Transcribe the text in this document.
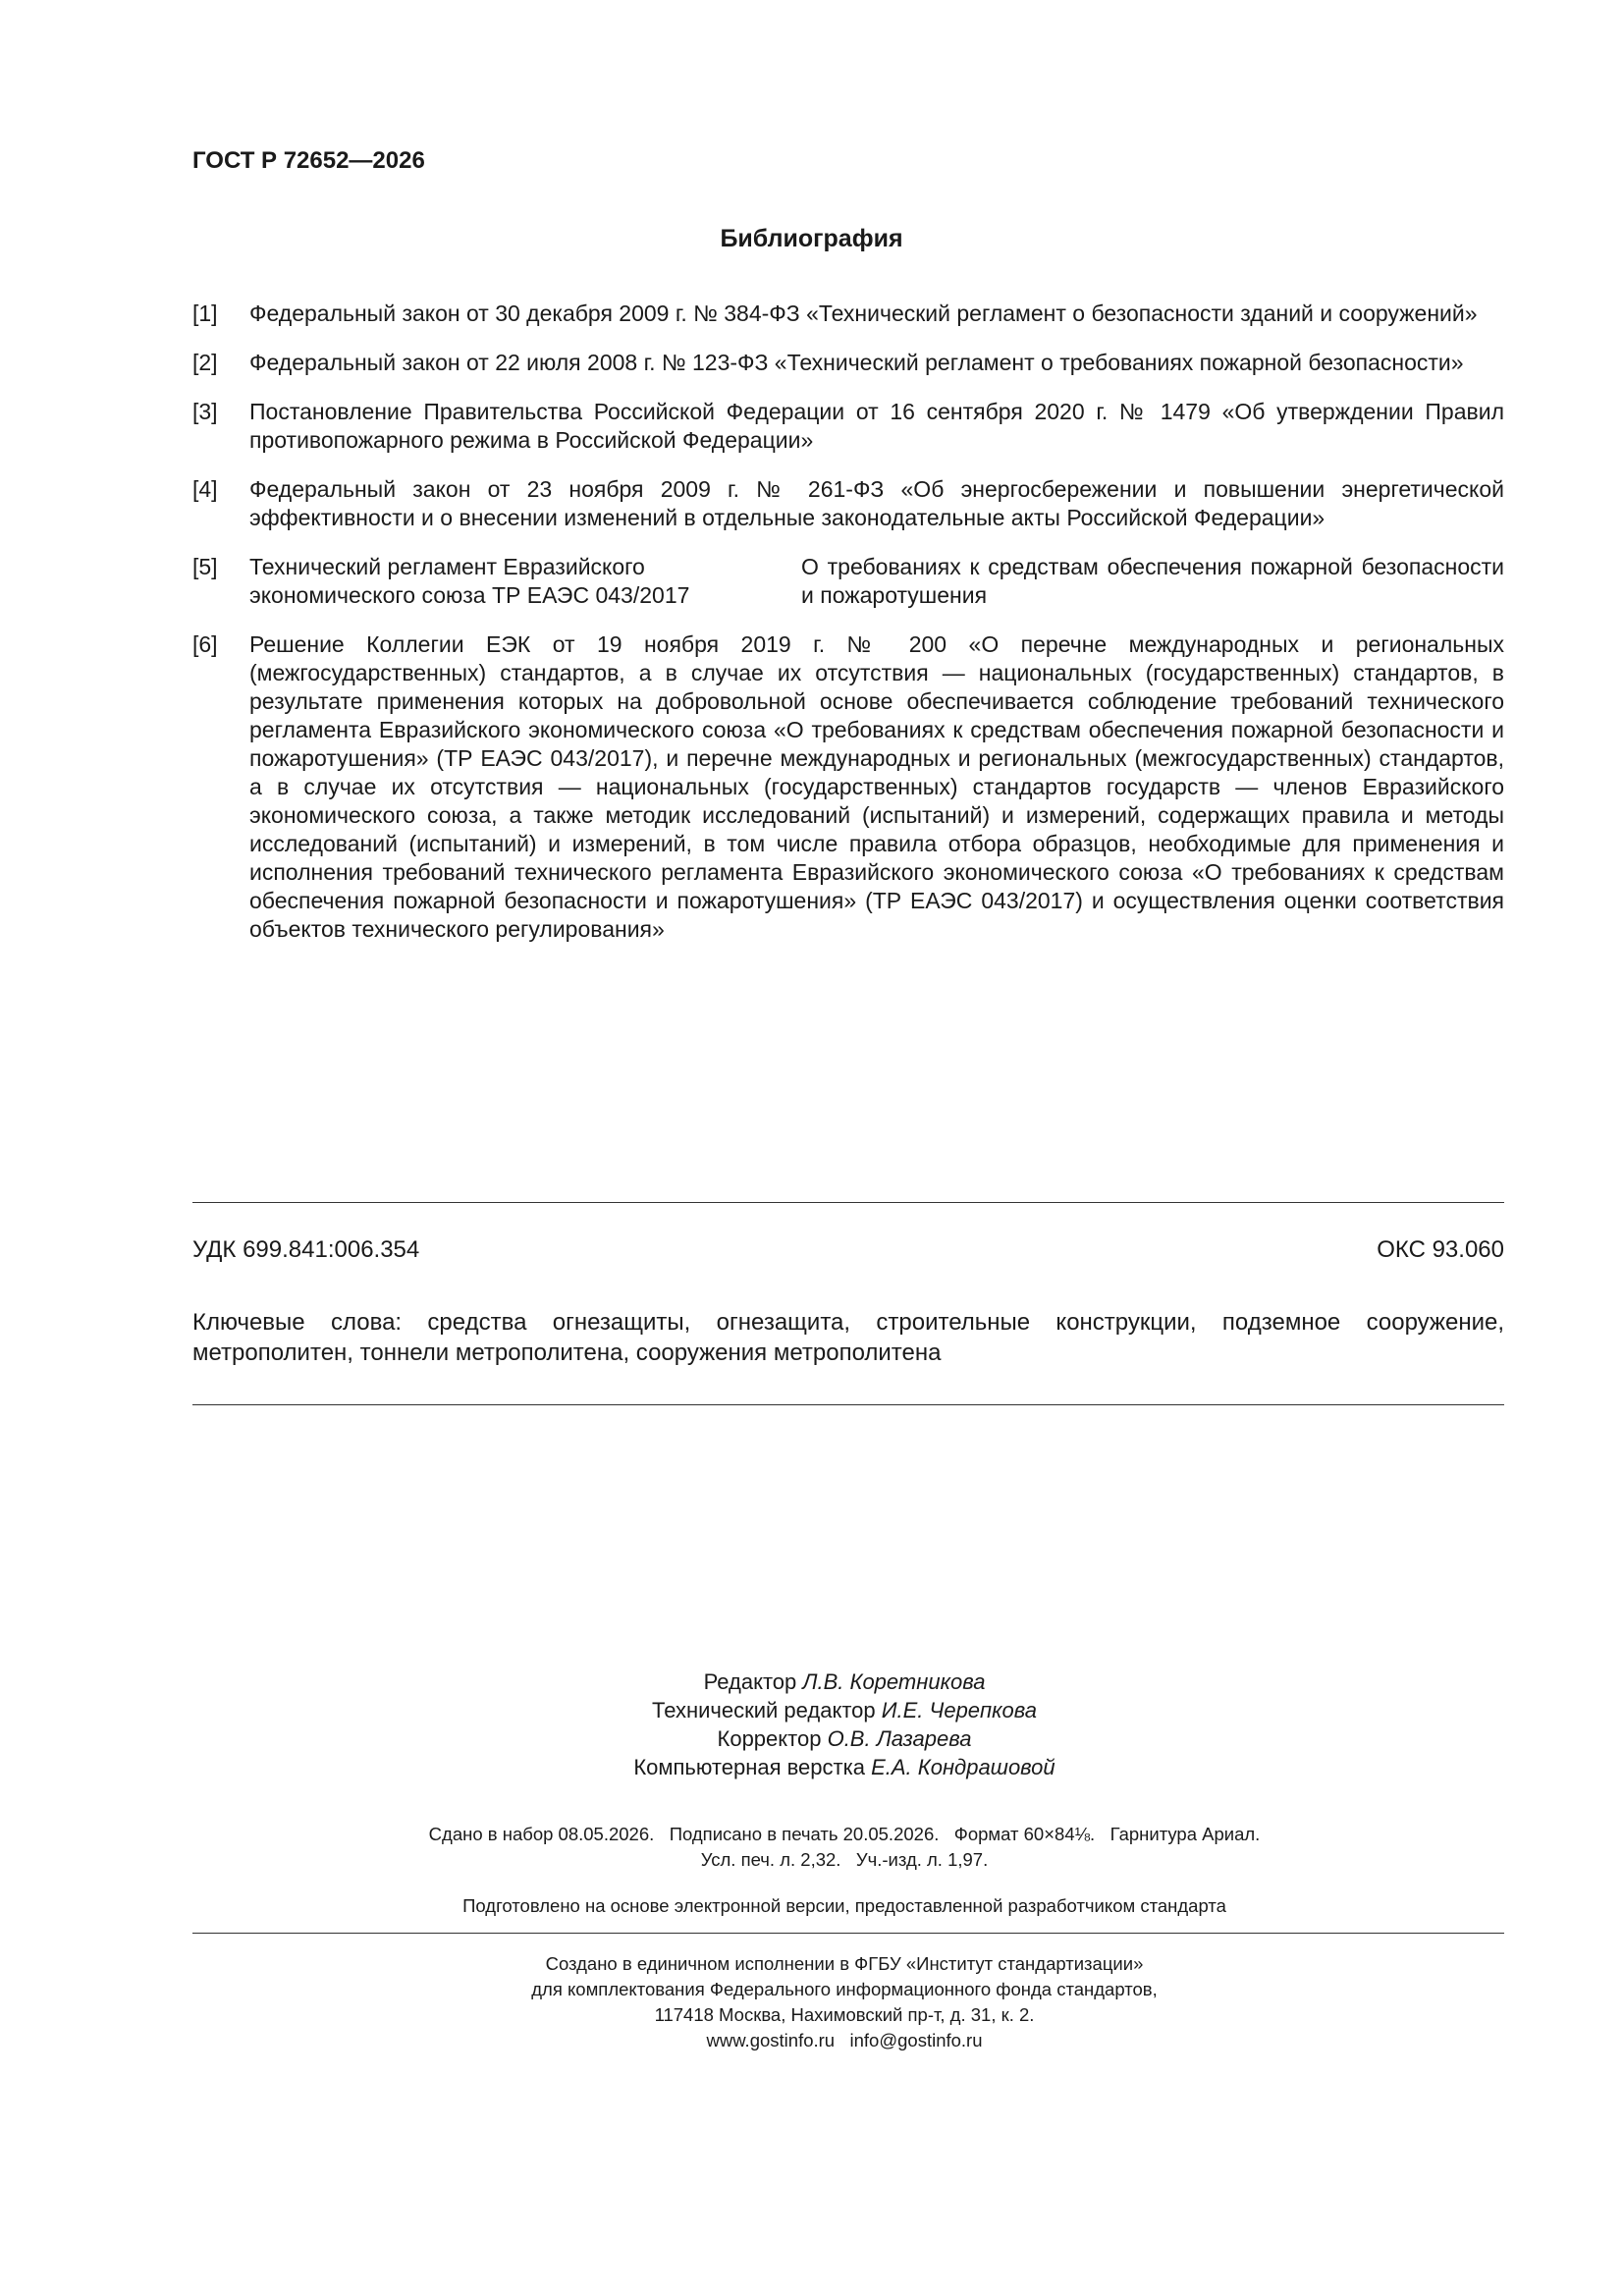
ГОСТ Р 72652—2026
Библиография
[1] Федеральный закон от 30 декабря 2009 г. № 384-ФЗ «Технический регламент о безопасности зданий и сооружений»
[2] Федеральный закон от 22 июля 2008 г. № 123-ФЗ «Технический регламент о требованиях пожарной безопасности»
[3] Постановление Правительства Российской Федерации от 16 сентября 2020 г. № 1479 «Об утверждении Правил противопожарного режима в Российской Федерации»
[4] Федеральный закон от 23 ноября 2009 г. № 261-ФЗ «Об энергосбережении и повышении энергетической эффективности и о внесении изменений в отдельные законодательные акты Российской Федерации»
[5] Технический регламент Евразийского экономического союза ТР ЕАЭС 043/2017
О требованиях к средствам обеспечения пожарной безопасности и пожаротушения
[6] Решение Коллегии ЕЭК от 19 ноября 2019 г. № 200 «О перечне международных и региональных (межгосударственных) стандартов, а в случае их отсутствия — национальных (государственных) стандартов, в результате применения которых на добровольной основе обеспечивается соблюдение требований технического регламента Евразийского экономического союза «О требованиях к средствам обеспечения пожарной безопасности и пожаротушения» (ТР ЕАЭС 043/2017), и перечне международных и региональных (межгосударственных) стандартов, а в случае их отсутствия — национальных (государственных) стандартов государств — членов Евразийского экономического союза, а также методик исследований (испытаний) и измерений, содержащих правила и методы исследований (испытаний) и измерений, в том числе правила отбора образцов, необходимые для применения и исполнения требований технического регламента Евразийского экономического союза «О требованиях к средствам обеспечения пожарной безопасности и пожаротушения» (ТР ЕАЭС 043/2017) и осуществления оценки соответствия объектов технического регулирования»
УДК 699.841:006.354	ОКС 93.060
Ключевые слова: средства огнезащиты, огнезащита, строительные конструкции, подземное сооружение, метрополитен, тоннели метрополитена, сооружения метрополитена
Редактор Л.В. Коретникова
Технический редактор И.Е. Черепкова
Корректор О.В. Лазарева
Компьютерная верстка Е.А. Кондрашовой
Сдано в набор 08.05.2026.   Подписано в печать 20.05.2026.   Формат 60×84⅛.   Гарнитура Ариал.
Усл. печ. л. 2,32.   Уч.-изд. л. 1,97.
Подготовлено на основе электронной версии, предоставленной разработчиком стандарта
Создано в единичном исполнении в ФГБУ «Институт стандартизации»
для комплектования Федерального информационного фонда стандартов,
117418 Москва, Нахимовский пр-т, д. 31, к. 2.
www.gostinfo.ru   info@gostinfo.ru
